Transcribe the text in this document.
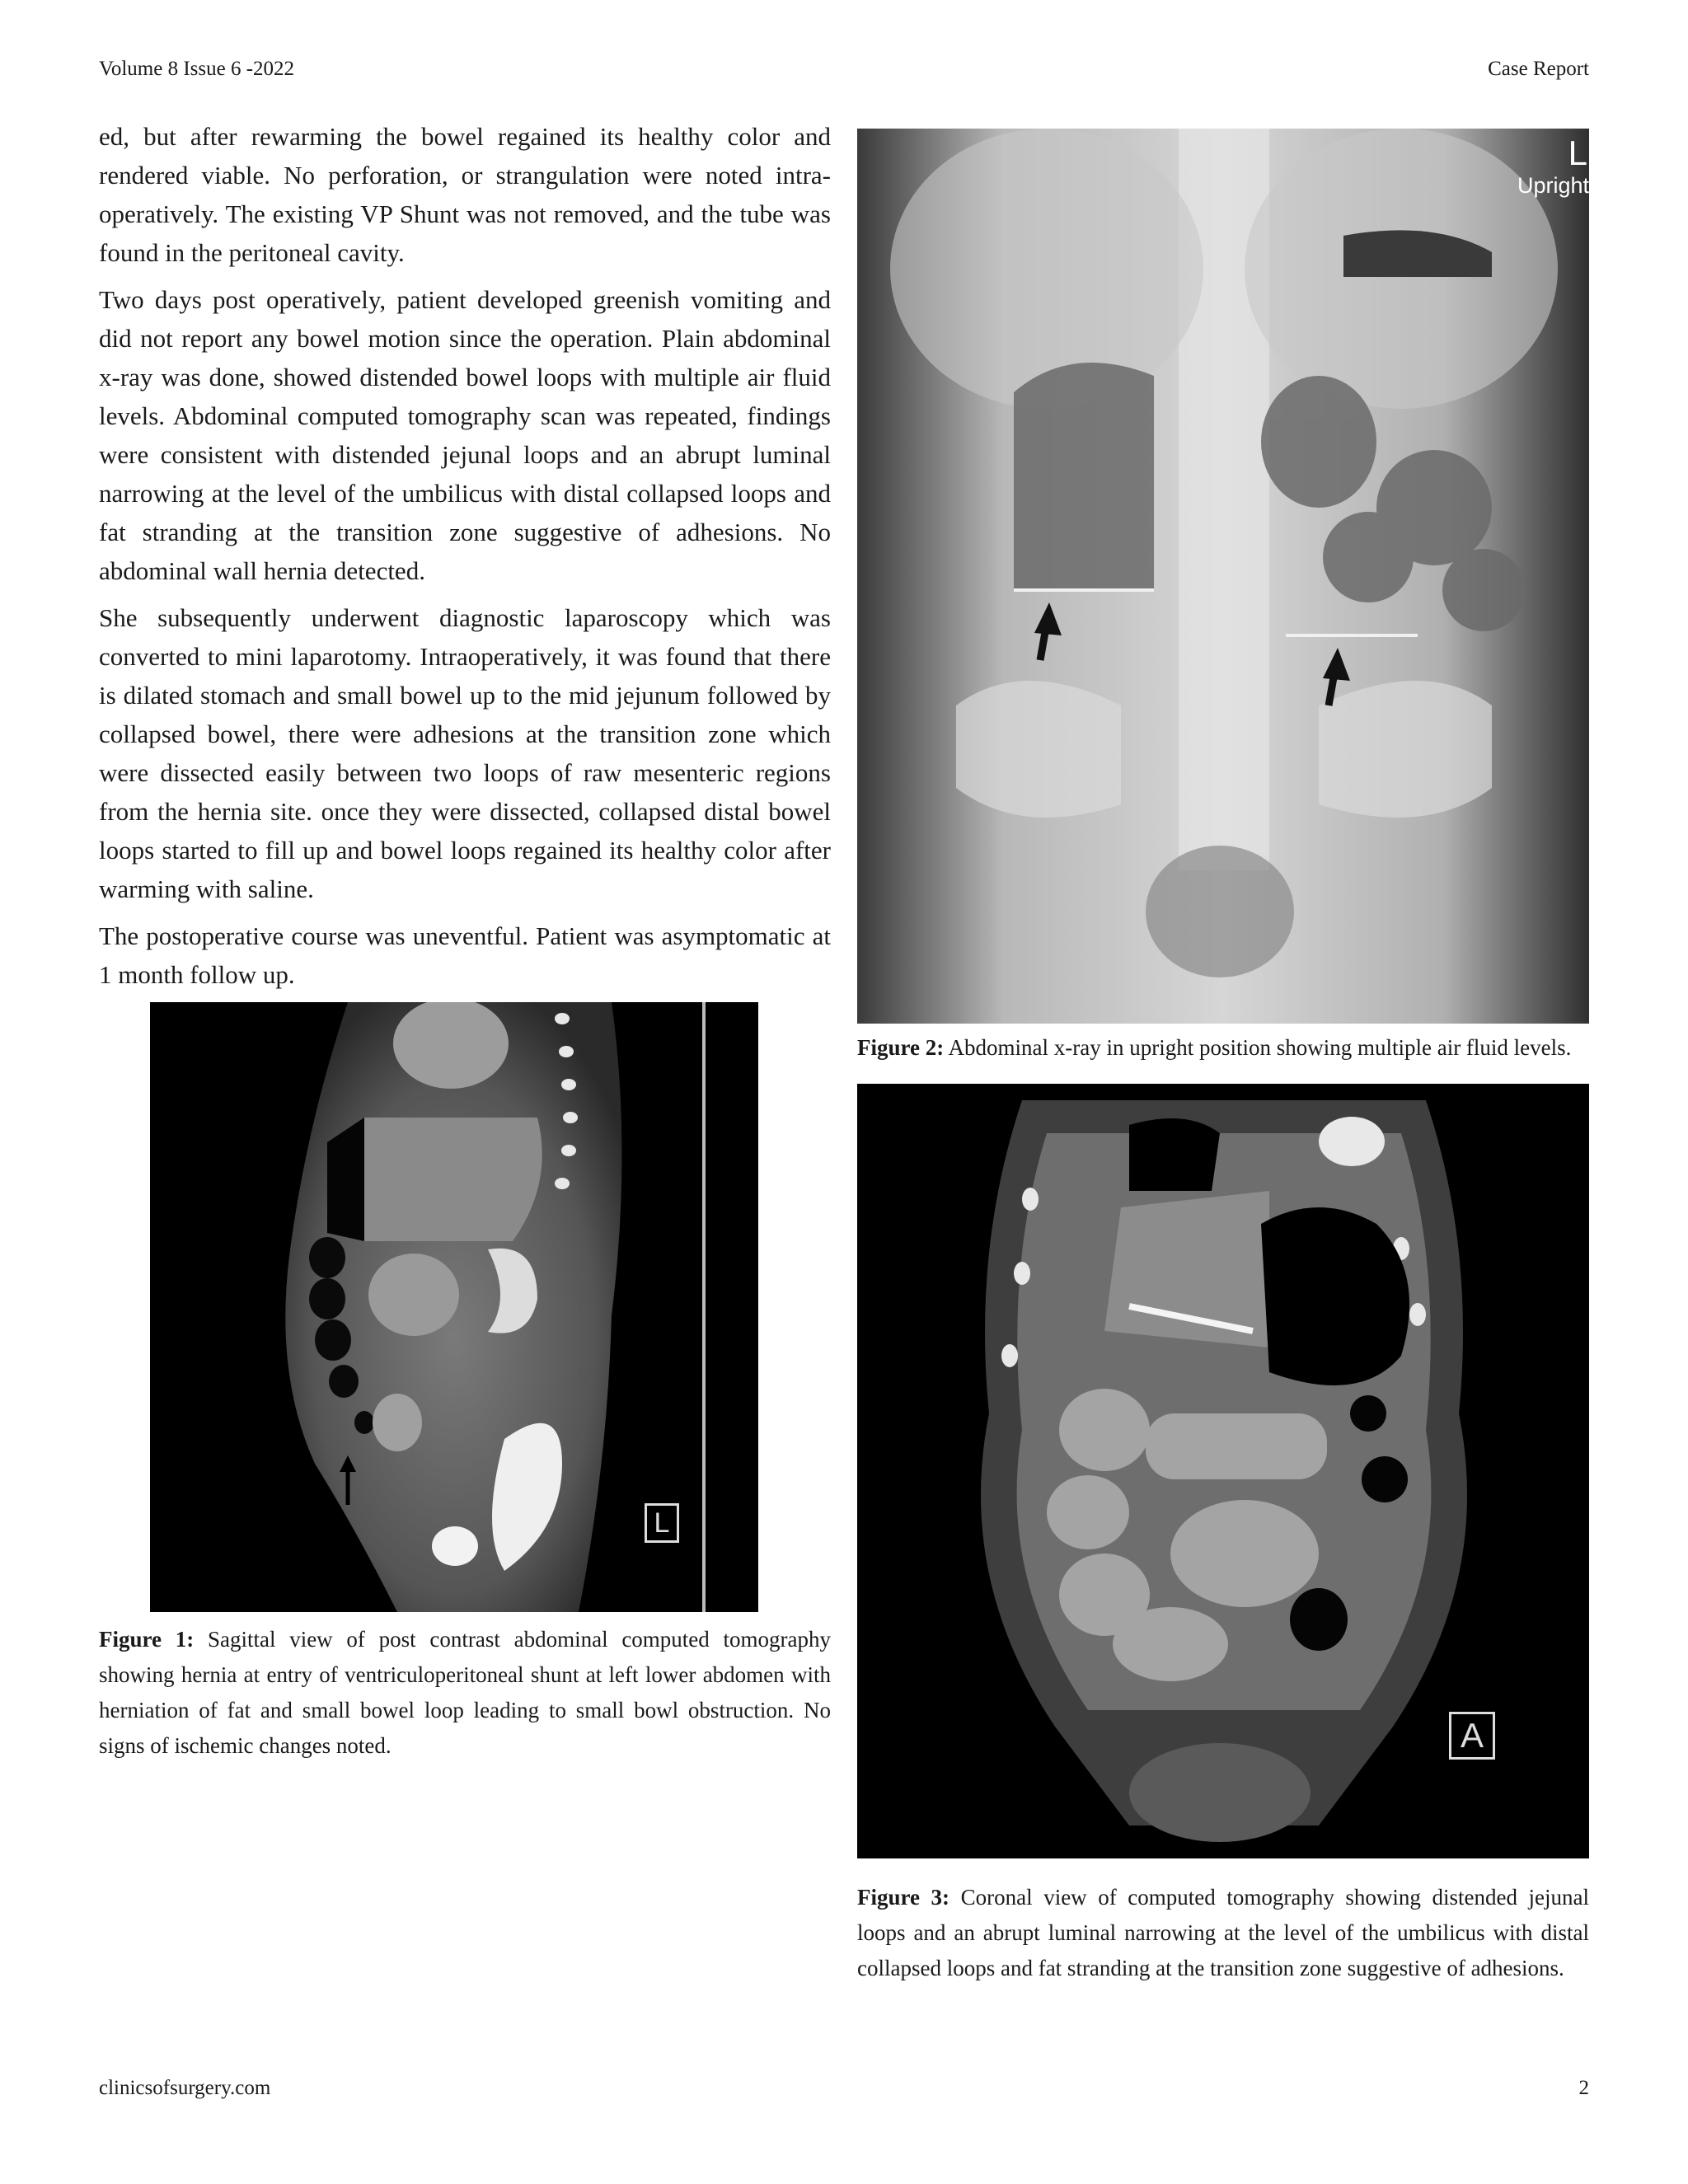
Volume 8 Issue 6 -2022	Case Report

ed, but after rewarming the bowel regained its healthy color and rendered viable. No perforation, or strangulation were noted intra-operatively. The existing VP Shunt was not removed, and the tube was found in the peritoneal cavity.

Two days post operatively, patient developed greenish vomiting and did not report any bowel motion since the operation. Plain abdominal x-ray was done, showed distended bowel loops with multiple air fluid levels. Abdominal computed tomography scan was repeated, findings were consistent with distended jejunal loops and an abrupt luminal narrowing at the level of the umbilicus with distal collapsed loops and fat stranding at the transition zone suggestive of adhesions. No abdominal wall hernia detected.

She subsequently underwent diagnostic laparoscopy which was converted to mini laparotomy. Intraoperatively, it was found that there is dilated stomach and small bowel up to the mid jejunum followed by collapsed bowel, there were adhesions at the transition zone which were dissected easily between two loops of raw mesenteric regions from the hernia site. once they were dissected, collapsed distal bowel loops started to fill up and bowel loops regained its healthy color after warming with saline.

The postoperative course was uneventful. Patient was asymptomatic at 1 month follow up.

L

Figure 1: Sagittal view of post contrast abdominal computed tomography showing hernia at entry of ventriculoperitoneal shunt at left lower abdomen with herniation of fat and small bowel loop leading to small bowl obstruction. No signs of ischemic changes noted.

L
Upright

Figure 2: Abdominal x-ray in upright position showing multiple air fluid levels.

A

Figure 3: Coronal view of computed tomography showing distended jejunal loops and an abrupt luminal narrowing at the level of the umbilicus with distal collapsed loops and fat stranding at the transition zone suggestive of adhesions.

clinicsofsurgery.com	2
